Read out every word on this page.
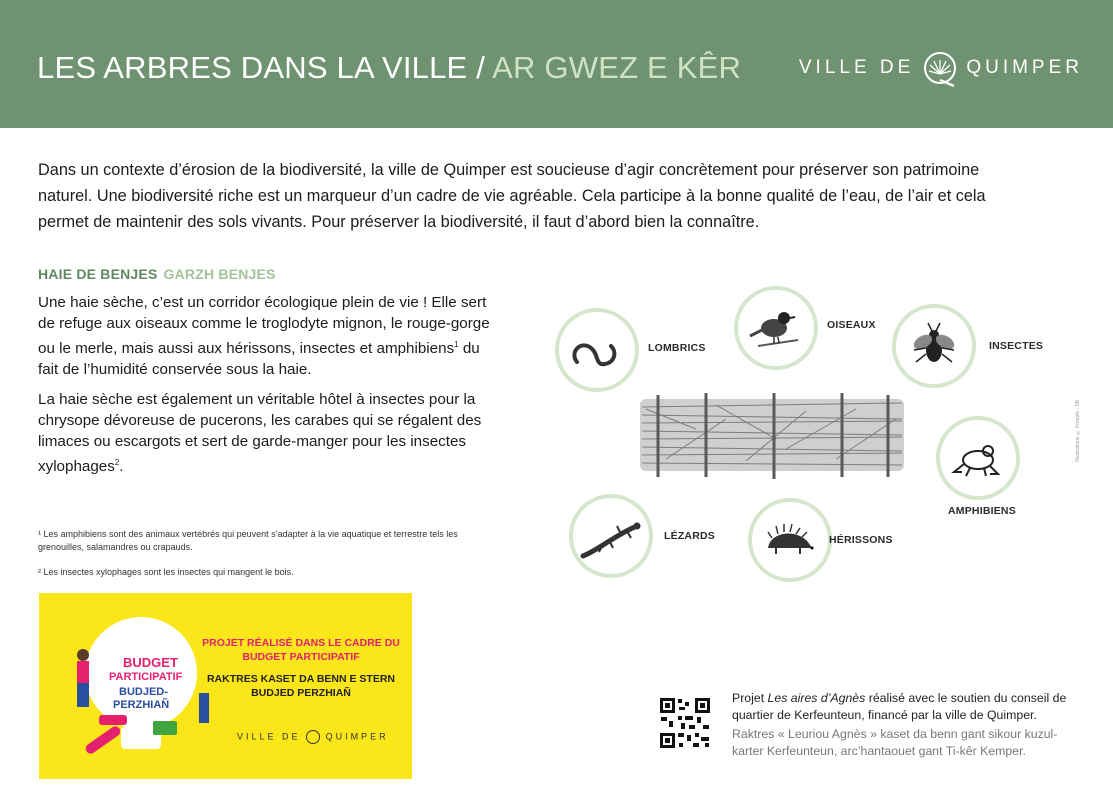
LES ARBRES DANS LA VILLE / AR GWEZ E KÊR	VILLE DE	QUIMPER
Dans un contexte d’érosion de la biodiversité, la ville de Quimper est soucieuse d’agir concrètement pour préserver son patrimoine naturel. Une biodiversité riche est un marqueur d’un cadre de vie agréable. Cela participe à la bonne qualité de l’eau, de l’air et cela permet de maintenir des sols vivants. Pour préserver la biodiversité, il faut d’abord bien la connaître.
HAIE DE BENJES GARZH BENJES
Une haie sèche, c’est un corridor écologique plein de vie ! Elle sert de refuge aux oiseaux comme le troglodyte mignon, le rouge-gorge ou le merle, mais aussi aux hérissons, insectes et amphibiens$^1$ du fait de l’humidité conservée sous la haie.
La haie sèche est également un véritable hôtel à insectes pour la chrysope dévoreuse de pucerons, les carabes qui se régalent des limaces ou escargots et sert de garde-manger pour les insectes xylophages$^2$.
¹ Les amphibiens sont des animaux vertébrés qui peuvent s’adapter à la vie aquatique et terrestre tels les grenouilles, salamandres ou crapauds.
² Les insectes xylophages sont les insectes qui mangent le bois.
LOMBRICS
OISEAUX
INSECTES
AMPHIBIENS
HÉRISSONS
LÉZARDS
Illustrations © Freepik - SB
BUDGET
PARTICIPATIF
BUDJED-
PERZHIAÑ
PROJET RÉALISÉ DANS LE CADRE DU BUDGET PARTICIPATIF
RAKTRES KASET DA BENN E STERN BUDJED PERZHIAÑ
VILLE DE	QUIMPER
Projet Les aires d’Agnès réalisé avec le soutien du conseil de quartier de Kerfeunteun, financé par la ville de Quimper.
Raktres « Leuriou Agnès » kaset da benn gant sikour kuzul-karter Kerfeunteun, arc’hantaouet gant Ti-kêr Kemper.
